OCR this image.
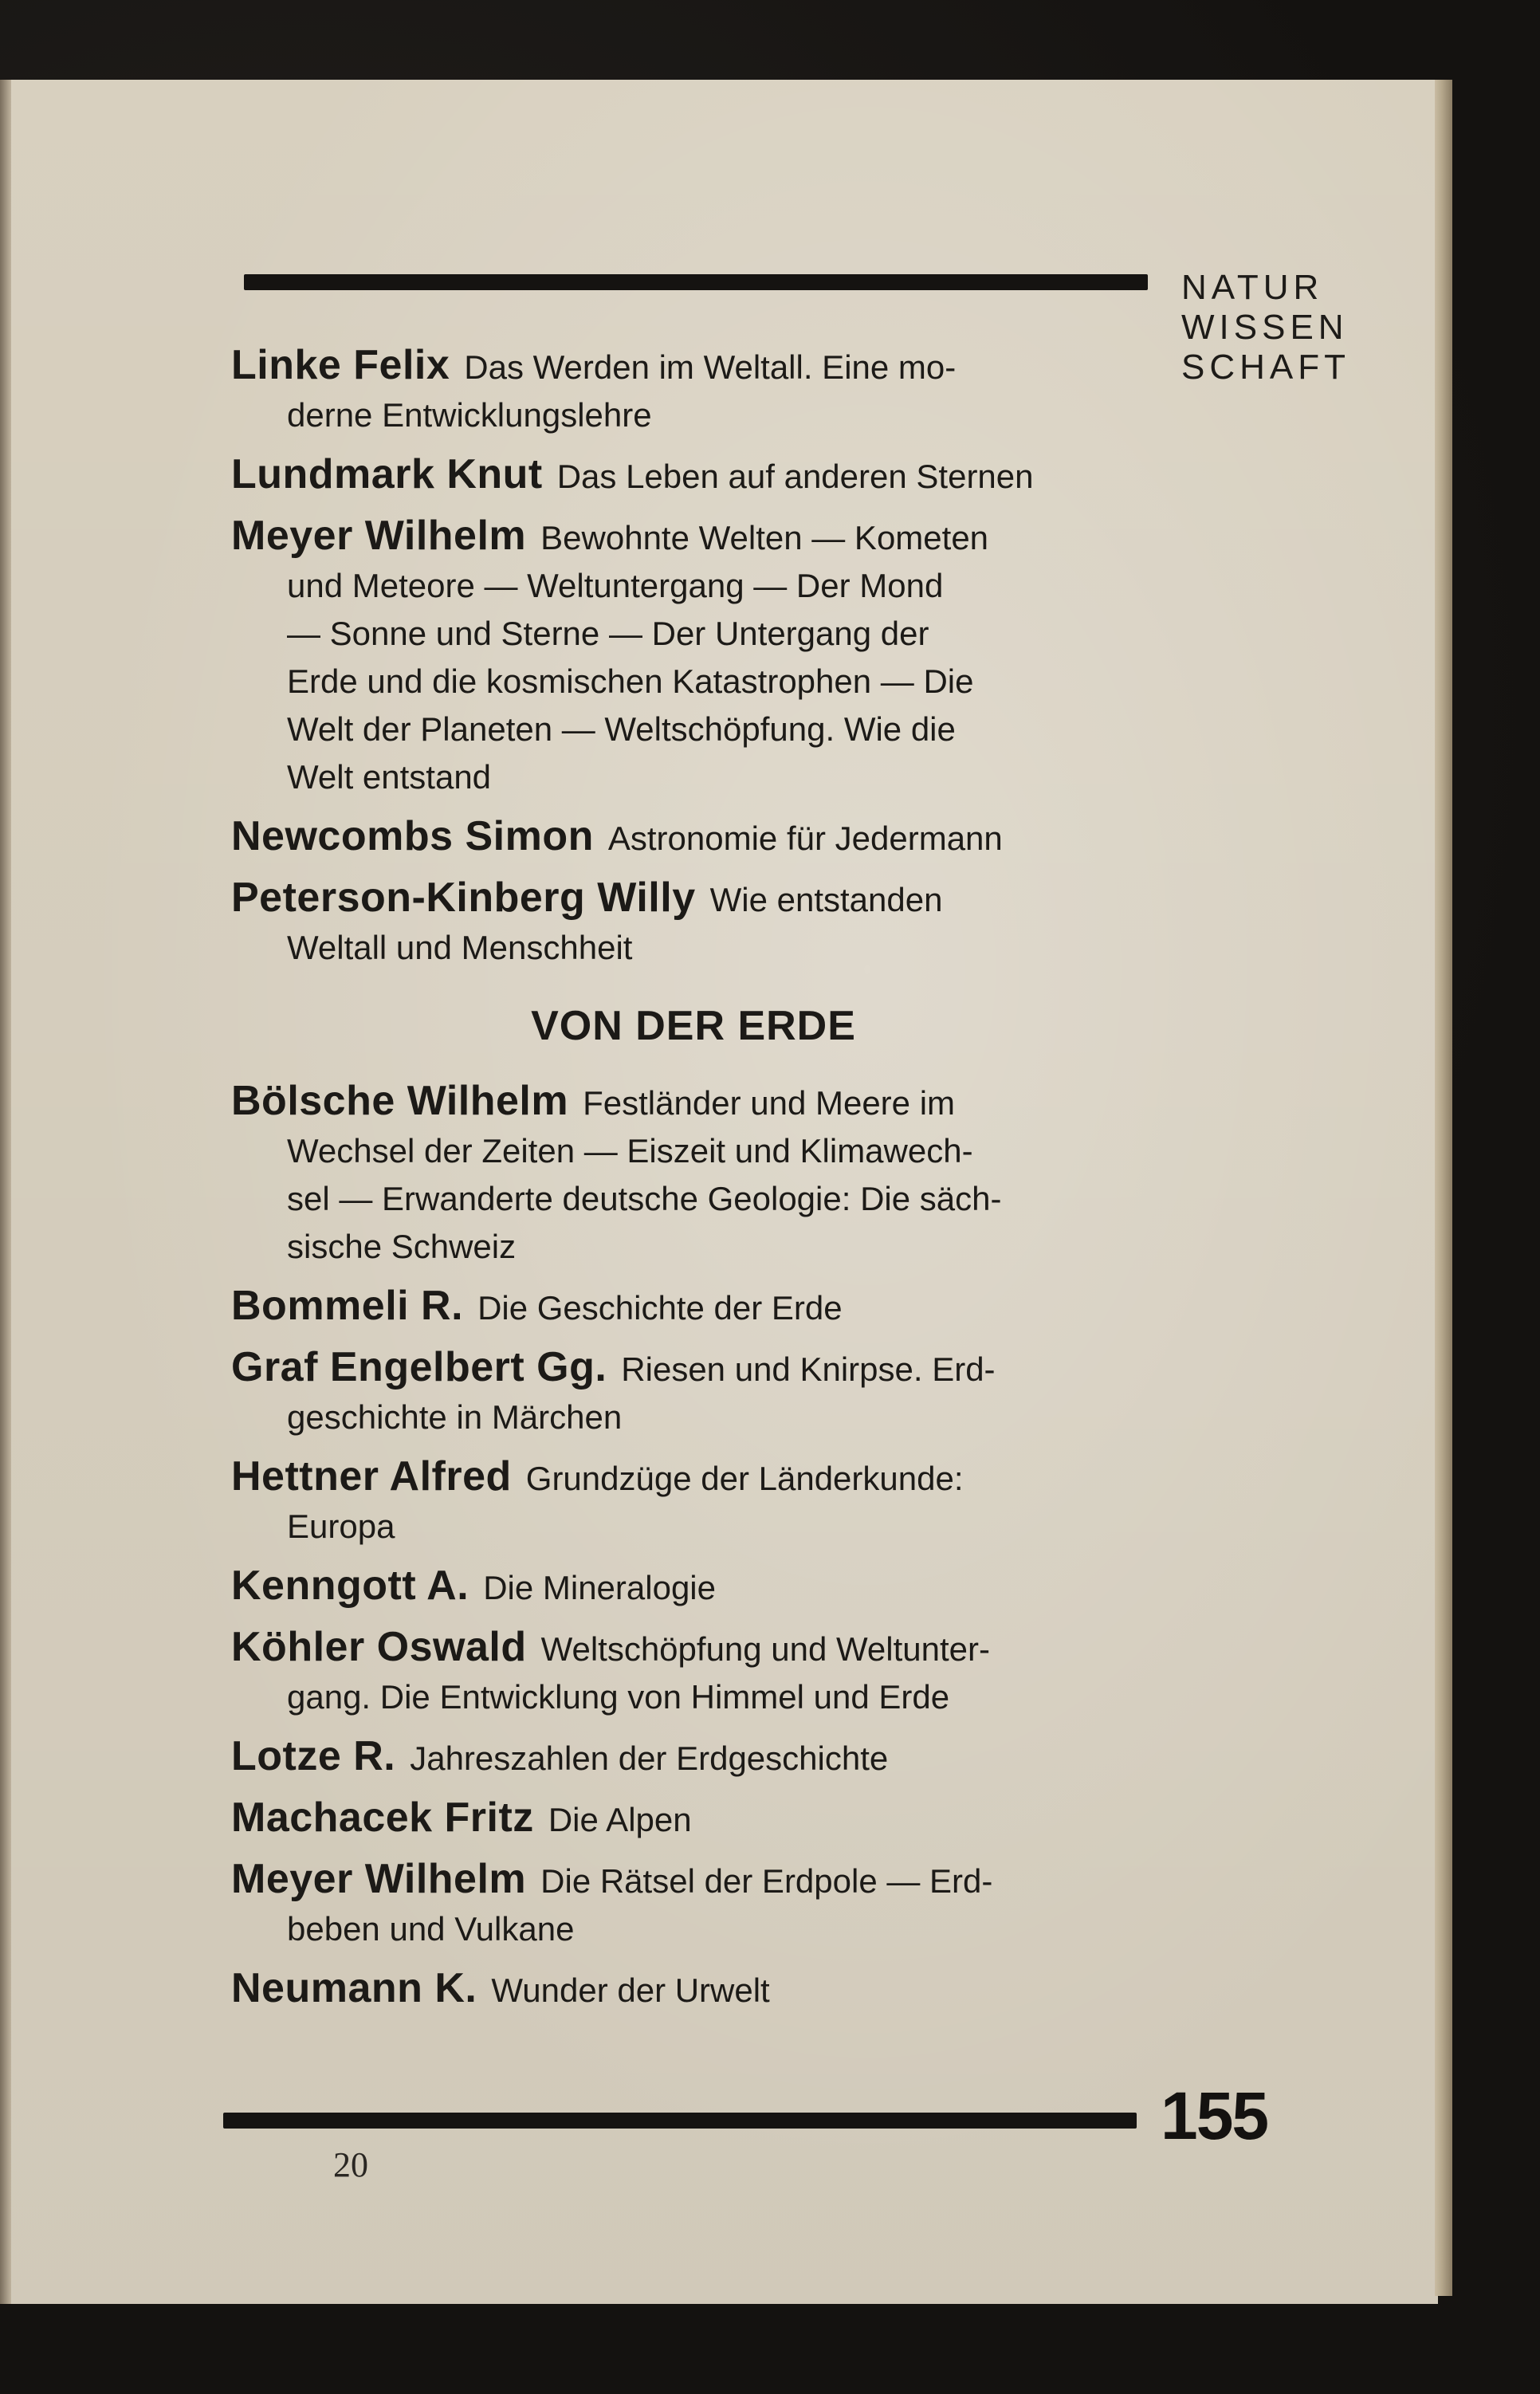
NATUR
WISSEN
SCHAFT
Linke Felix Das Werden im Weltall. Eine mo-
derne Entwicklungslehre
Lundmark Knut Das Leben auf anderen Sternen
Meyer Wilhelm Bewohnte Welten — Kometen
und Meteore — Weltuntergang — Der Mond
— Sonne und Sterne — Der Untergang der
Erde und die kosmischen Katastrophen — Die
Welt der Planeten — Weltschöpfung. Wie die
Welt entstand
Newcombs Simon Astronomie für Jedermann
Peterson-Kinberg Willy Wie entstanden
Weltall und Menschheit
VON DER ERDE
Bölsche Wilhelm Festländer und Meere im
Wechsel der Zeiten — Eiszeit und Klimawech-
sel — Erwanderte deutsche Geologie: Die säch-
sische Schweiz
Bommeli R. Die Geschichte der Erde
Graf Engelbert Gg. Riesen und Knirpse. Erd-
geschichte in Märchen
Hettner Alfred Grundzüge der Länderkunde:
Europa
Kenngott A. Die Mineralogie
Köhler Oswald Weltschöpfung und Weltunter-
gang. Die Entwicklung von Himmel und Erde
Lotze R. Jahreszahlen der Erdgeschichte
Machacek Fritz Die Alpen
Meyer Wilhelm Die Rätsel der Erdpole — Erd-
beben und Vulkane
Neumann K. Wunder der Urwelt
155
20
